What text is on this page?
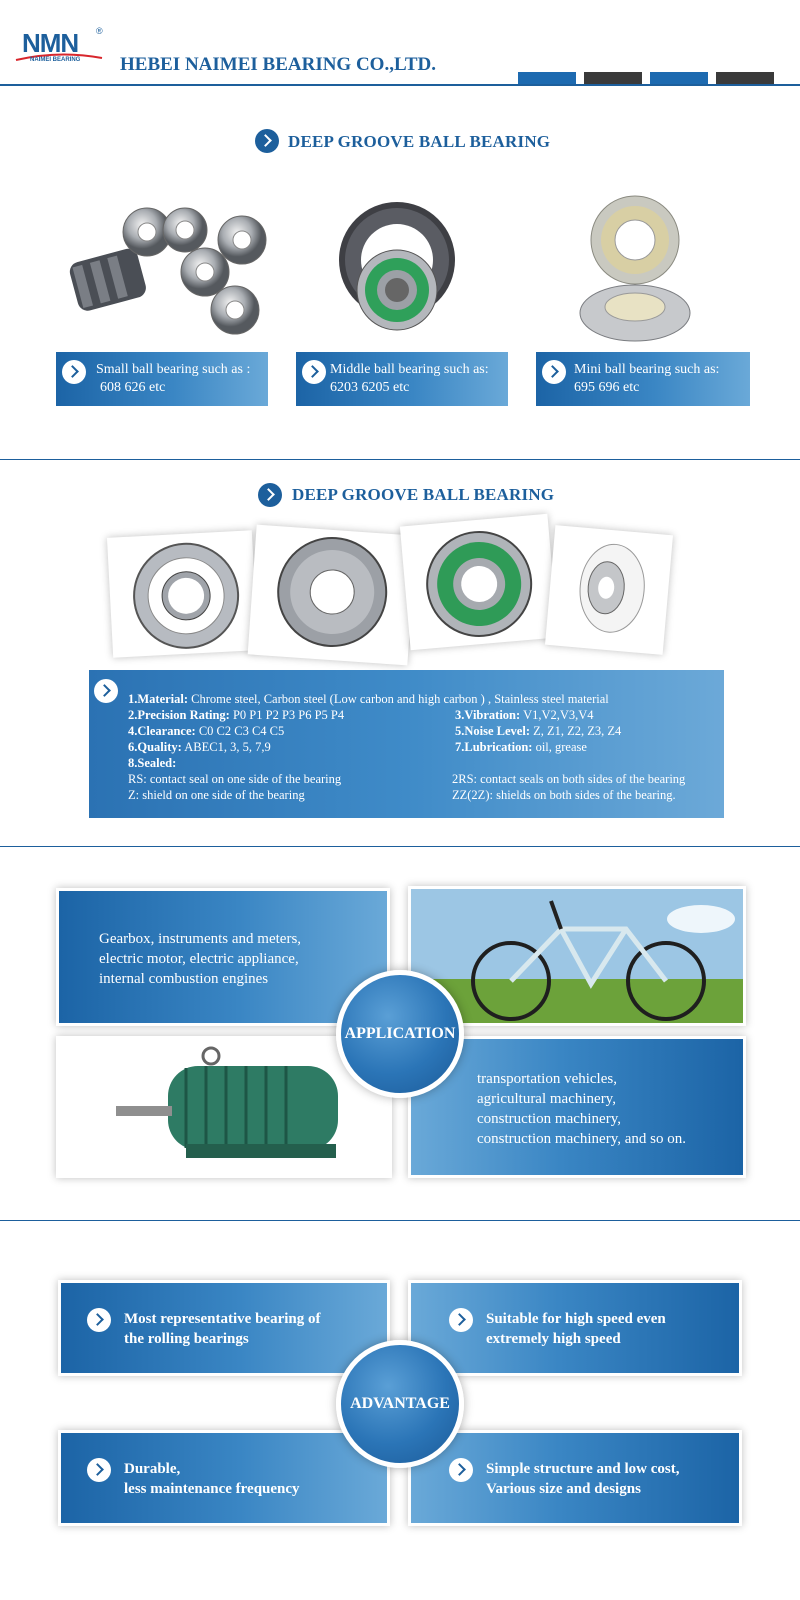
NMN ®
NAIMEI BEARING HEBEI NAIMEI BEARING CO.,LTD.
DEEP GROOVE BALL BEARING
Small ball bearing such as :
608 626 etc
Middle ball bearing such as:
6203 6205 etc
Mini ball bearing such as:
695 696 etc
DEEP GROOVE BALL BEARING
1.Material: Chrome steel, Carbon steel (Low carbon and high carbon ) , Stainless steel material
2.Precision Rating: P0 P1 P2 P3 P6 P5 P4	3.Vibration: V1,V2,V3,V4
4.Clearance: C0 C2 C3 C4 C5	5.Noise Level: Z, Z1, Z2, Z3, Z4
6.Quality: ABEC1, 3, 5, 7,9	7.Lubrication: oil, grease
8.Sealed:
RS: contact seal on one side of the bearing	2RS: contact seals on both sides of the bearing
Z: shield on one side of the bearing	ZZ(2Z): shields on both sides of the bearing.
Gearbox, instruments and meters,
electric motor, electric appliance,
internal combustion engines
transportation vehicles,
agricultural machinery,
construction machinery,
construction machinery, and so on.
APPLICATION
Most representative bearing of
the rolling bearings
Suitable for high speed even
extremely high speed
Durable,
less maintenance frequency
Simple structure and low cost,
Various size and designs
ADVANTAGE
